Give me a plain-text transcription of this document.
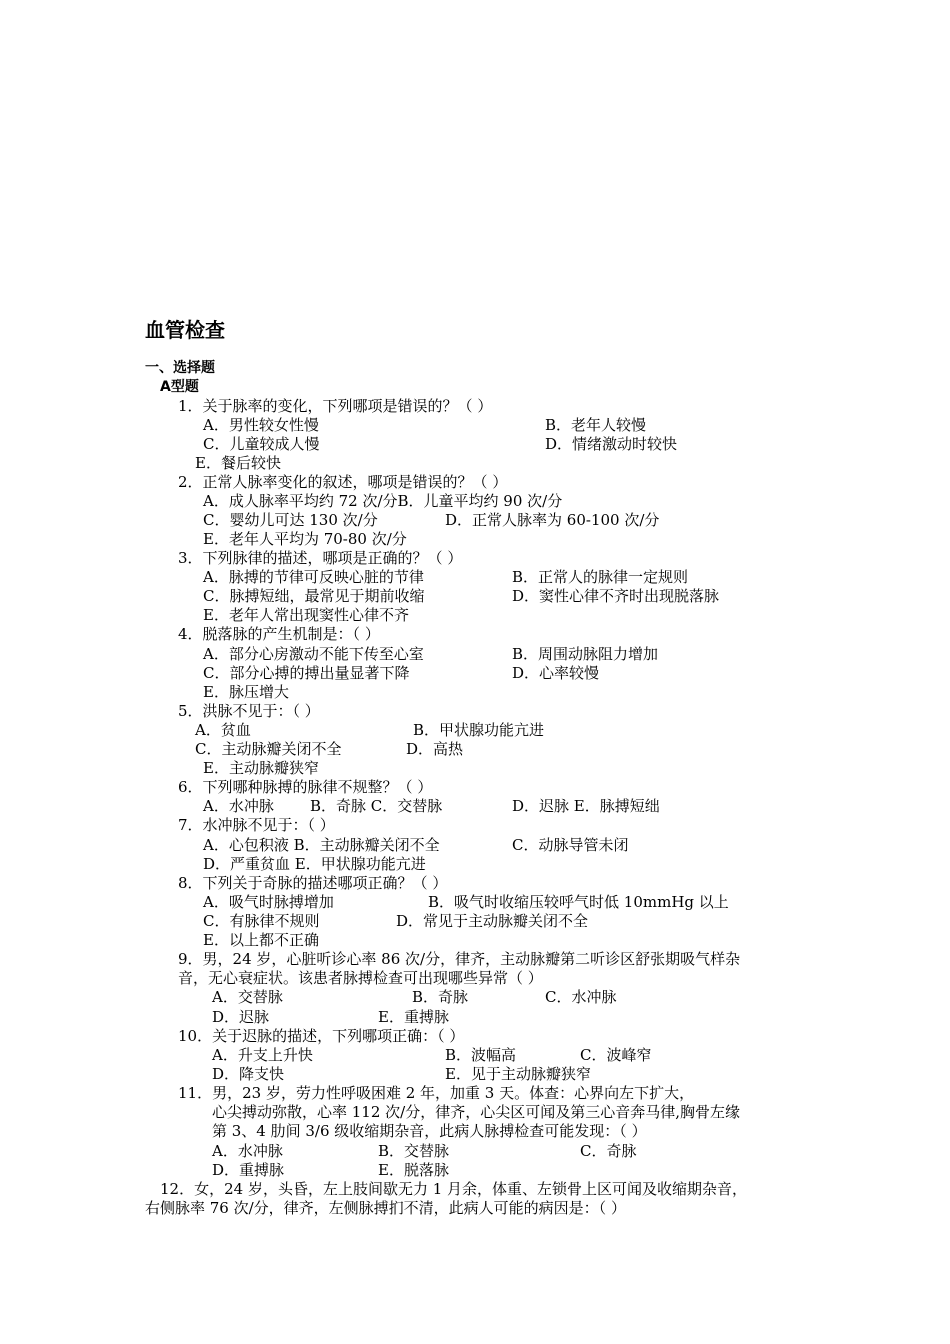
血管检查
一、选择题
A型题
1．关于脉率的变化，下列哪项是错误的？（ ）
A．男性较女性慢	B．老年人较慢
C．儿童较成人慢	D．情绪激动时较快
E．餐后较快
2．正常人脉率变化的叙述，哪项是错误的？（ ）
A．成人脉率平均约 72 次/分B．儿童平均约 90 次/分
C．婴幼儿可达 130 次/分	D．正常人脉率为 60-100 次/分
E．老年人平均为 70-80 次/分
3．下列脉律的描述，哪项是正确的？（ ）
A．脉搏的节律可反映心脏的节律	B．正常人的脉律一定规则
C．脉搏短绌，最常见于期前收缩	D．窦性心律不齐时出现脱落脉
E．老年人常出现窦性心律不齐
4．脱落脉的产生机制是：（ ）
A．部分心房激动不能下传至心室	B．周围动脉阻力增加
C．部分心搏的搏出量显著下降	D．心率较慢
E．脉压增大
5．洪脉不见于：（ ）
A．贫血	B．甲状腺功能亢进
C．主动脉瓣关闭不全	D．高热
E．主动脉瓣狭窄
6．下列哪种脉搏的脉律不规整？（ ）
A．水冲脉 B．奇脉 C．交替脉	D．迟脉 E．脉搏短绌
7．水冲脉不见于：（ ）
A．心包积液 B．主动脉瓣关闭不全	C．动脉导管未闭
D．严重贫血 E．甲状腺功能亢进
8．下列关于奇脉的描述哪项正确？（ ）
A．吸气时脉搏增加	B．吸气时收缩压较呼气时低 10mmHg 以上
C．有脉律不规则	D．常见于主动脉瓣关闭不全
E．以上都不正确
9．男，24 岁，心脏听诊心率 86 次/分，律齐，主动脉瓣第二听诊区舒张期吸气样杂
音，无心衰症状。该患者脉搏检查可出现哪些异常（ ）
A．交替脉	B．奇脉	C．水冲脉
D．迟脉	E．重搏脉
10．关于迟脉的描述，下列哪项正确：（ ）
A．升支上升快	B．波幅高	C．波峰窄
D．降支快	E．见于主动脉瓣狭窄
11．男，23 岁，劳力性呼吸困难 2 年，加重 3 天。体查：心界向左下扩大，
心尖搏动弥散，心率 112 次/分，律齐，心尖区可闻及第三心音奔马律,胸骨左缘
第 3、4 肋间 3/6 级收缩期杂音，此病人脉搏检查可能发现：（ ）
A．水冲脉	B．交替脉	C．奇脉
D．重搏脉	E．脱落脉
12．女，24 岁，头昏，左上肢间歇无力 1 月余，体重、左锁骨上区可闻及收缩期杂音，
右侧脉率 76 次/分，律齐，左侧脉搏扪不清，此病人可能的病因是：（ ）
